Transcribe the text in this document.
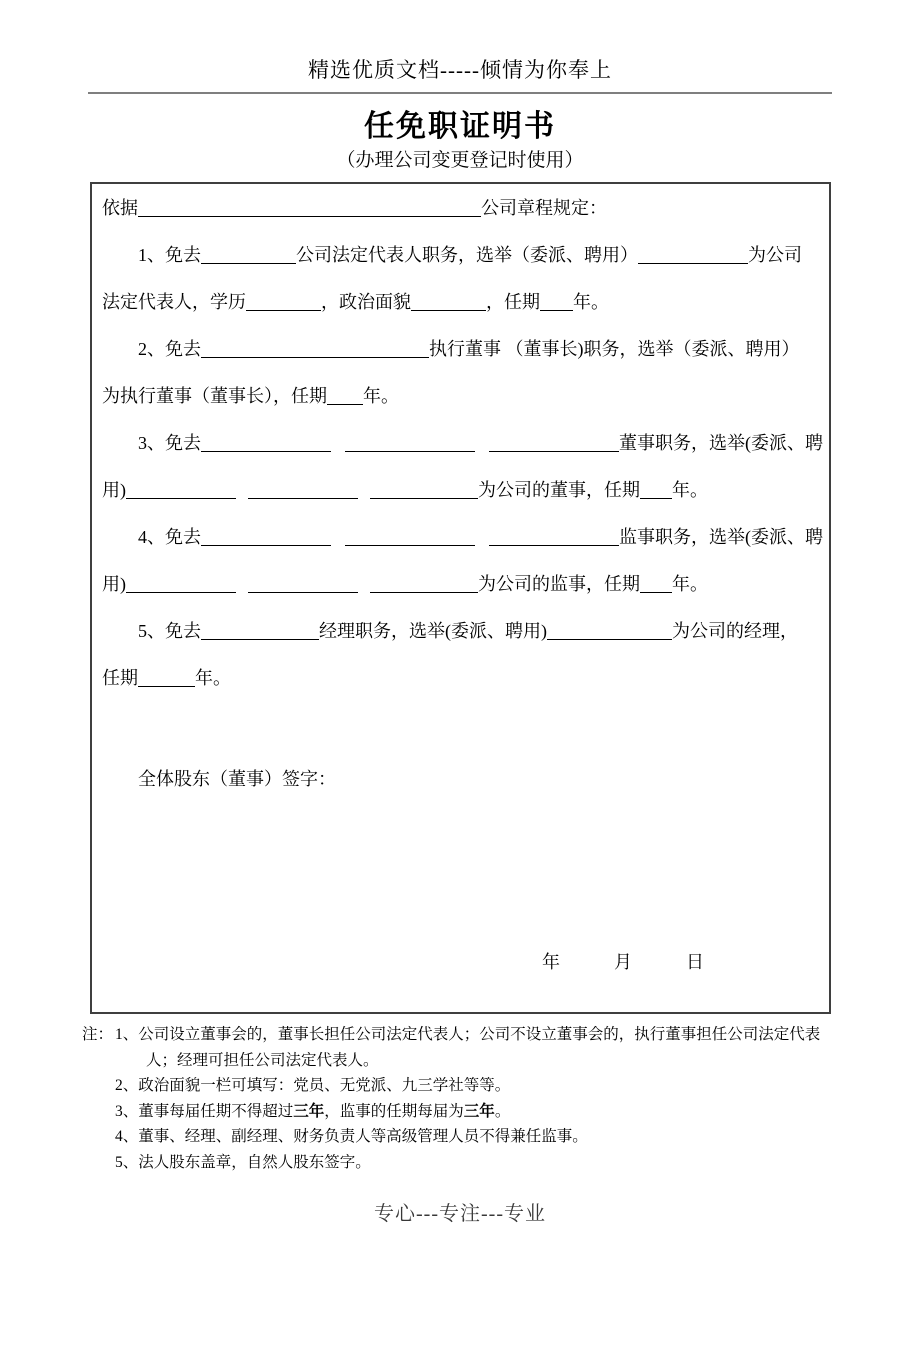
精选优质文档-----倾情为你奉上
任免职证明书
（办理公司变更登记时使用）
依据	公司章程规定：
1、免去	公司法定代表人职务，选举（委派、聘用）	为公司
法定代表人，学历	，政治面貌	，任期 年。
2、免去	执行董事 （董事长)职务，选举（委派、聘用）
为执行董事（董事长），任期 年。
3、免去	董事职务，选举(委派、聘
用)	为公司的董事，任期 年。
4、免去	监事职务，选举(委派、聘
用)	为公司的监事，任期 年。
5、免去	经理职务，选举(委派、聘用)	为公司的经理，
任期	年。
全体股东（董事）签字：
年　　　月　　　日
注： 1、公司设立董事会的，董事长担任公司法定代表人；公司不设立董事会的，执行董事担任公司法定代表人；经理可担任公司法定代表人。
2、政治面貌一栏可填写：党员、无党派、九三学社等等。
3、董事每届任期不得超过三年，监事的任期每届为三年。
4、董事、经理、副经理、财务负责人等高级管理人员不得兼任监事。
5、法人股东盖章，自然人股东签字。
专心---专注---专业
